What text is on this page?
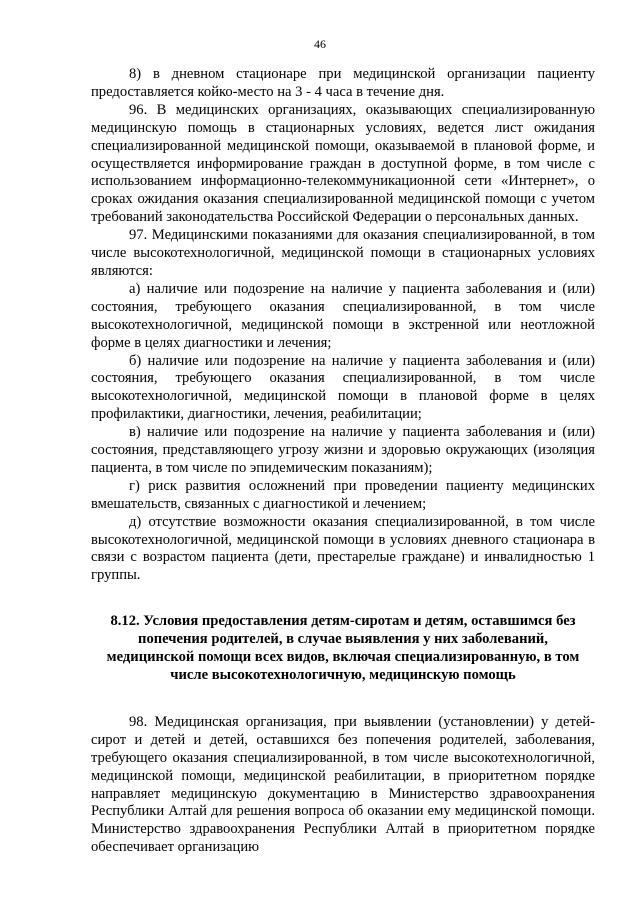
46

8) в дневном стационаре при медицинской организации пациенту предоставляется койко-место на 3 - 4 часа в течение дня.

96. В медицинских организациях, оказывающих специализированную медицинскую помощь в стационарных условиях, ведется лист ожидания специализированной медицинской помощи, оказываемой в плановой форме, и осуществляется информирование граждан в доступной форме, в том числе с использованием информационно-телекоммуникационной сети «Интернет», о сроках ожидания оказания специализированной медицинской помощи с учетом требований законодательства Российской Федерации о персональных данных.

97. Медицинскими показаниями для оказания специализированной, в том числе высокотехнологичной, медицинской помощи в стационарных условиях являются:

а) наличие или подозрение на наличие у пациента заболевания и (или) состояния, требующего оказания специализированной, в том числе высокотехнологичной, медицинской помощи в экстренной или неотложной форме в целях диагностики и лечения;

б) наличие или подозрение на наличие у пациента заболевания и (или) состояния, требующего оказания специализированной, в том числе высокотехнологичной, медицинской помощи в плановой форме в целях профилактики, диагностики, лечения, реабилитации;

в) наличие или подозрение на наличие у пациента заболевания и (или) состояния, представляющего угрозу жизни и здоровью окружающих (изоляция пациента, в том числе по эпидемическим показаниям);

г) риск развития осложнений при проведении пациенту медицинских вмешательств, связанных с диагностикой и лечением;

д) отсутствие возможности оказания специализированной, в том числе высокотехнологичной, медицинской помощи в условиях дневного стационара в связи с возрастом пациента (дети, престарелые граждане) и инвалидностью 1 группы.

8.12. Условия предоставления детям-сиротам и детям, оставшимся без попечения родителей, в случае выявления у них заболеваний, медицинской помощи всех видов, включая специализированную, в том числе высокотехнологичную, медицинскую помощь

98. Медицинская организация, при выявлении (установлении) у детей-сирот и детей и детей, оставшихся без попечения родителей, заболевания, требующего оказания специализированной, в том числе высокотехнологичной, медицинской помощи, медицинской реабилитации, в приоритетном порядке направляет медицинскую документацию в Министерство здравоохранения Республики Алтай для решения вопроса об оказании ему медицинской помощи. Министерство здравоохранения Республики Алтай в приоритетном порядке обеспечивает организацию
